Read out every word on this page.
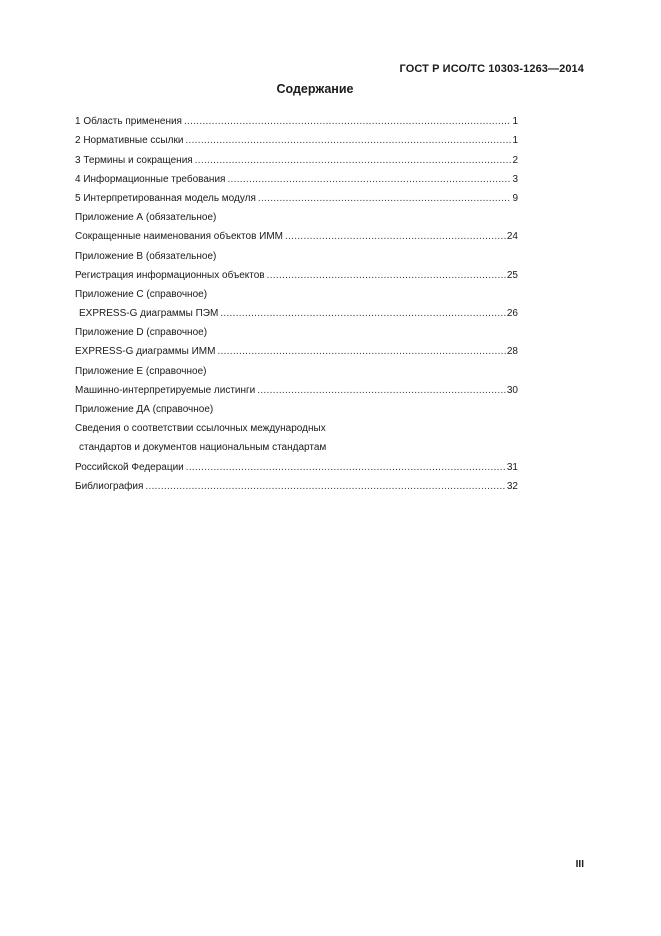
ГОСТ Р ИСО/ТС 10303-1263—2014
Содержание
1 Область применения .....	1
2 Нормативные ссылки .....	1
3 Термины и сокращения .....	2
4 Информационные требования .....	3
5 Интерпретированная модель модуля .....	9
Приложение А (обязательное)
Сокращенные наименования объектов ИММ .....	24
Приложение В (обязательное)
Регистрация информационных объектов .....	25
Приложение С (справочное)
EXPRESS-G диаграммы ПЭМ .....	26
Приложение D (справочное)
EXPRESS-G диаграммы ИММ .....	28
Приложение Е (справочное)
Машинно-интерпретируемые листинги .....	30
Приложение ДА (справочное)
Сведения о соответствии ссылочных международных
стандартов и документов национальным стандартам
Российской Федерации .....	31
Библиография .....	32
III
